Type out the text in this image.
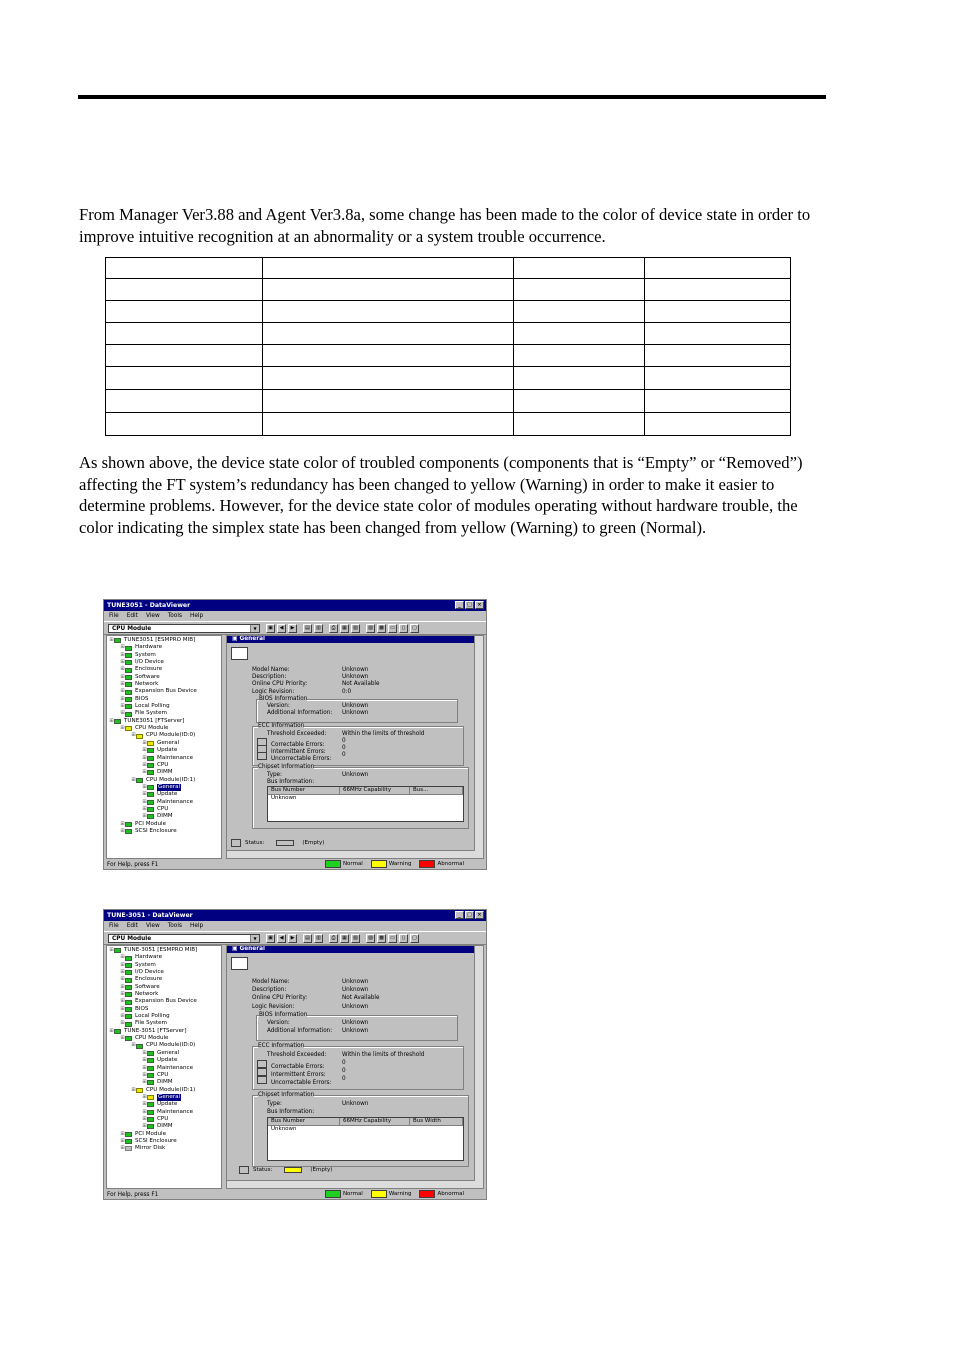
From Manager Ver3.88 and Agent Ver3.8a, some change has been made to the color of device state in order to improve intuitive recognition at an abnormality or a system trouble occurrence.

As shown above, the device state color of troubled components (components that is “Empty” or “Removed”) affecting the FT system’s redundancy has been changed to yellow (Warning) in order to make it easier to determine problems. However, for the device state color of modules operating without hardware trouble, the color indicating the simplex state has been changed from yellow (Warning) to green (Normal).

TUNE3051 - DataViewer	_	□	×
File Edit View Tools Help
CPU Module	▼	▣	◀	▶	▤	▥	⎙	▦	▧	▨	▩	▭	▯	▢
⊞ TUNE3051 [ESMPRO MIB]
⊞ Hardware
⊞ System
⊞ I/O Device
⊞ Enclosure
⊞ Software
⊞ Network
⊞ Expansion Bus Device
⊞ BIOS
⊞ Local Polling
⊞ File System
⊞ TUNE3051 [FTServer]
⊞ CPU Module
⊞ CPU Module(ID:0)
⊞ General
⊞ Update
⊞ Maintenance
⊞ CPU
⊞ DIMM
⊞ CPU Module(ID:1)
⊞ General
⊞ Update
⊞ Maintenance
⊞ CPU
⊞ DIMM
⊞ PCI Module
⊞ SCSI Enclosure
▣ General
Model Name:	Unknown
Description:	Unknown
Online CPU Priority:	Not Available
Logic Revision:	0:0
BIOS Information
Version:	Unknown
Additional Information: Unknown
ECC Information
Threshold Exceeded:	Within the limits of threshold
Correctable Errors:
0
Intermittent Errors:
0
Uncorrectable Errors:
0
Chipset Information
Type:	Unknown
Bus Information:
Bus Number	66MHz Capability	Bus...
Unknown
Status:	(Empty)
For Help, press F1	Normal	Warning	Abnormal
TUNE-3051 - DataViewer	_	□	×
File Edit View Tools Help
CPU Module	▼	▣	◀	▶	▤	▥	⎙	▦	▧	▨	▩	▭	▯	▢
⊞ TUNE-3051 [ESMPRO MIB]
⊞ Hardware
⊞ System
⊞ I/O Device
⊞ Enclosure
⊞ Software
⊞ Network
⊞ Expansion Bus Device
⊞ BIOS
⊞ Local Polling
⊞ File System
⊞ TUNE-3051 [FTServer]
⊞ CPU Module
⊞ CPU Module(ID:0)
⊞ General
⊞ Update
⊞ Maintenance
⊞ CPU
⊞ DIMM
⊞ CPU Module(ID:1)
⊞ General
⊞ Update
⊞ Maintenance
⊞ CPU
⊞ DIMM
⊞ PCI Module
⊞ SCSI Enclosure
⊞ Mirror Disk
▣ General
Model Name:	Unknown
Description:	Unknown
Online CPU Priority:	Not Available
Logic Revision:	Unknown
BIOS Information
Version:	Unknown
Additional Information: Unknown
ECC Information
Threshold Exceeded:	Within the limits of threshold
Correctable Errors:
0
Intermittent Errors:
0
Uncorrectable Errors:
0
Chipset Information
Type:	Unknown
Bus Information:
Bus Number	66MHz Capability	Bus Width
Unknown
Status:	(Empty)
For Help, press F1	Normal	Warning	Abnormal
